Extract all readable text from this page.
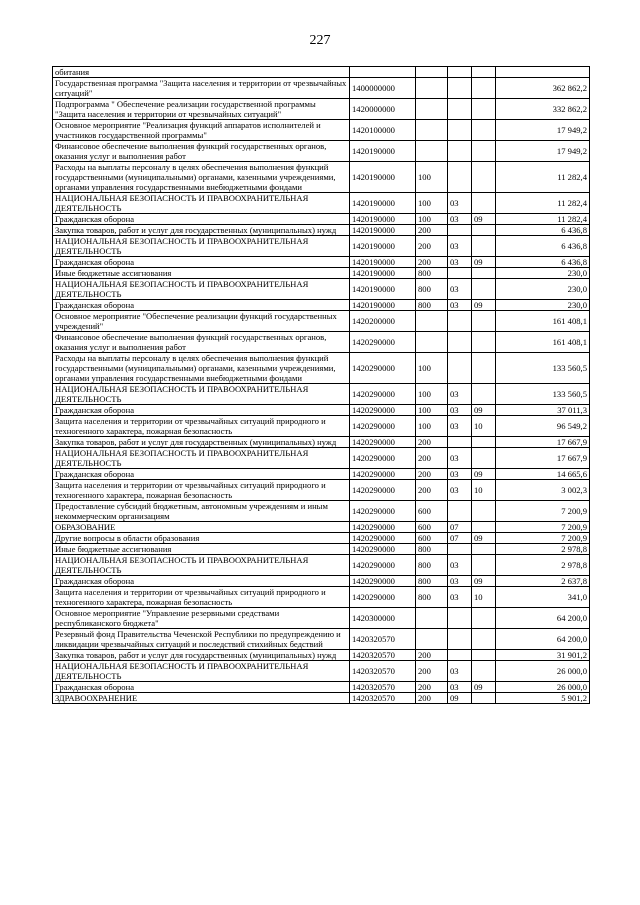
227
обитания					
Государственная программа "Защита населения и территории от чрезвычайных ситуаций"	1400000000				362 862,2
Подпрограмма " Обеспечение реализации государственной программы "Защита населения и территории от чрезвычайных ситуаций"	1420000000				332 862,2
Основное мероприятие "Реализация функций аппаратов исполнителей и участников государственной программы"	1420100000				17 949,2
Финансовое обеспечение выполнения функций государственных органов, оказания услуг и выполнения работ	1420190000				17 949,2
Расходы на выплаты персоналу в целях обеспечения выполнения функций государственными (муниципальными) органами, казенными учреждениями, органами управления государственными внебюджетными фондами	1420190000	100			11 282,4
НАЦИОНАЛЬНАЯ БЕЗОПАСНОСТЬ И ПРАВООХРАНИТЕЛЬНАЯ ДЕЯТЕЛЬНОСТЬ	1420190000	100	03		11 282,4
Гражданская оборона	1420190000	100	03	09	11 282,4
Закупка товаров, работ и услуг для государственных (муниципальных) нужд	1420190000	200			6 436,8
НАЦИОНАЛЬНАЯ БЕЗОПАСНОСТЬ И ПРАВООХРАНИТЕЛЬНАЯ ДЕЯТЕЛЬНОСТЬ	1420190000	200	03		6 436,8
Гражданская оборона	1420190000	200	03	09	6 436,8
Иные бюджетные ассигнования	1420190000	800			230,0
НАЦИОНАЛЬНАЯ БЕЗОПАСНОСТЬ И ПРАВООХРАНИТЕЛЬНАЯ ДЕЯТЕЛЬНОСТЬ	1420190000	800	03		230,0
Гражданская оборона	1420190000	800	03	09	230,0
Основное мероприятие "Обеспечение реализации функций государственных учреждений"	1420200000				161 408,1
Финансовое обеспечение выполнения функций государственных органов, оказания услуг и выполнения работ	1420290000				161 408,1
Расходы на выплаты персоналу в целях обеспечения выполнения функций государственными (муниципальными) органами, казенными учреждениями, органами управления государственными внебюджетными фондами	1420290000	100			133 560,5
НАЦИОНАЛЬНАЯ БЕЗОПАСНОСТЬ И ПРАВООХРАНИТЕЛЬНАЯ ДЕЯТЕЛЬНОСТЬ	1420290000	100	03		133 560,5
Гражданская оборона	1420290000	100	03	09	37 011,3
Защита населения и территории от чрезвычайных ситуаций природного и техногенного характера, пожарная безопасность	1420290000	100	03	10	96 549,2
Закупка товаров, работ и услуг для государственных (муниципальных) нужд	1420290000	200			17 667,9
НАЦИОНАЛЬНАЯ БЕЗОПАСНОСТЬ И ПРАВООХРАНИТЕЛЬНАЯ ДЕЯТЕЛЬНОСТЬ	1420290000	200	03		17 667,9
Гражданская оборона	1420290000	200	03	09	14 665,6
Защита населения и территории от чрезвычайных ситуаций природного и техногенного характера, пожарная безопасность	1420290000	200	03	10	3 002,3
Предоставление субсидий бюджетным, автономным учреждениям и иным некоммерческим организациям	1420290000	600			7 200,9
ОБРАЗОВАНИЕ	1420290000	600	07		7 200,9
Другие вопросы в области образования	1420290000	600	07	09	7 200,9
Иные бюджетные ассигнования	1420290000	800			2 978,8
НАЦИОНАЛЬНАЯ БЕЗОПАСНОСТЬ И ПРАВООХРАНИТЕЛЬНАЯ ДЕЯТЕЛЬНОСТЬ	1420290000	800	03		2 978,8
Гражданская оборона	1420290000	800	03	09	2 637,8
Защита населения и территории от чрезвычайных ситуаций природного и техногенного характера, пожарная безопасность	1420290000	800	03	10	341,0
Основное мероприятие "Управление резервными средствами республиканского бюджета"	1420300000				64 200,0
Резервный фонд Правительства Чеченской Республики по предупреждению и ликвидации чрезвычайных ситуаций и последствий стихийных бедствий	1420320570				64 200,0
Закупка товаров, работ и услуг для государственных (муниципальных) нужд	1420320570	200			31 901,2
НАЦИОНАЛЬНАЯ БЕЗОПАСНОСТЬ И ПРАВООХРАНИТЕЛЬНАЯ ДЕЯТЕЛЬНОСТЬ	1420320570	200	03		26 000,0
Гражданская оборона	1420320570	200	03	09	26 000,0
ЗДРАВООХРАНЕНИЕ	1420320570	200	09		5 901,2
